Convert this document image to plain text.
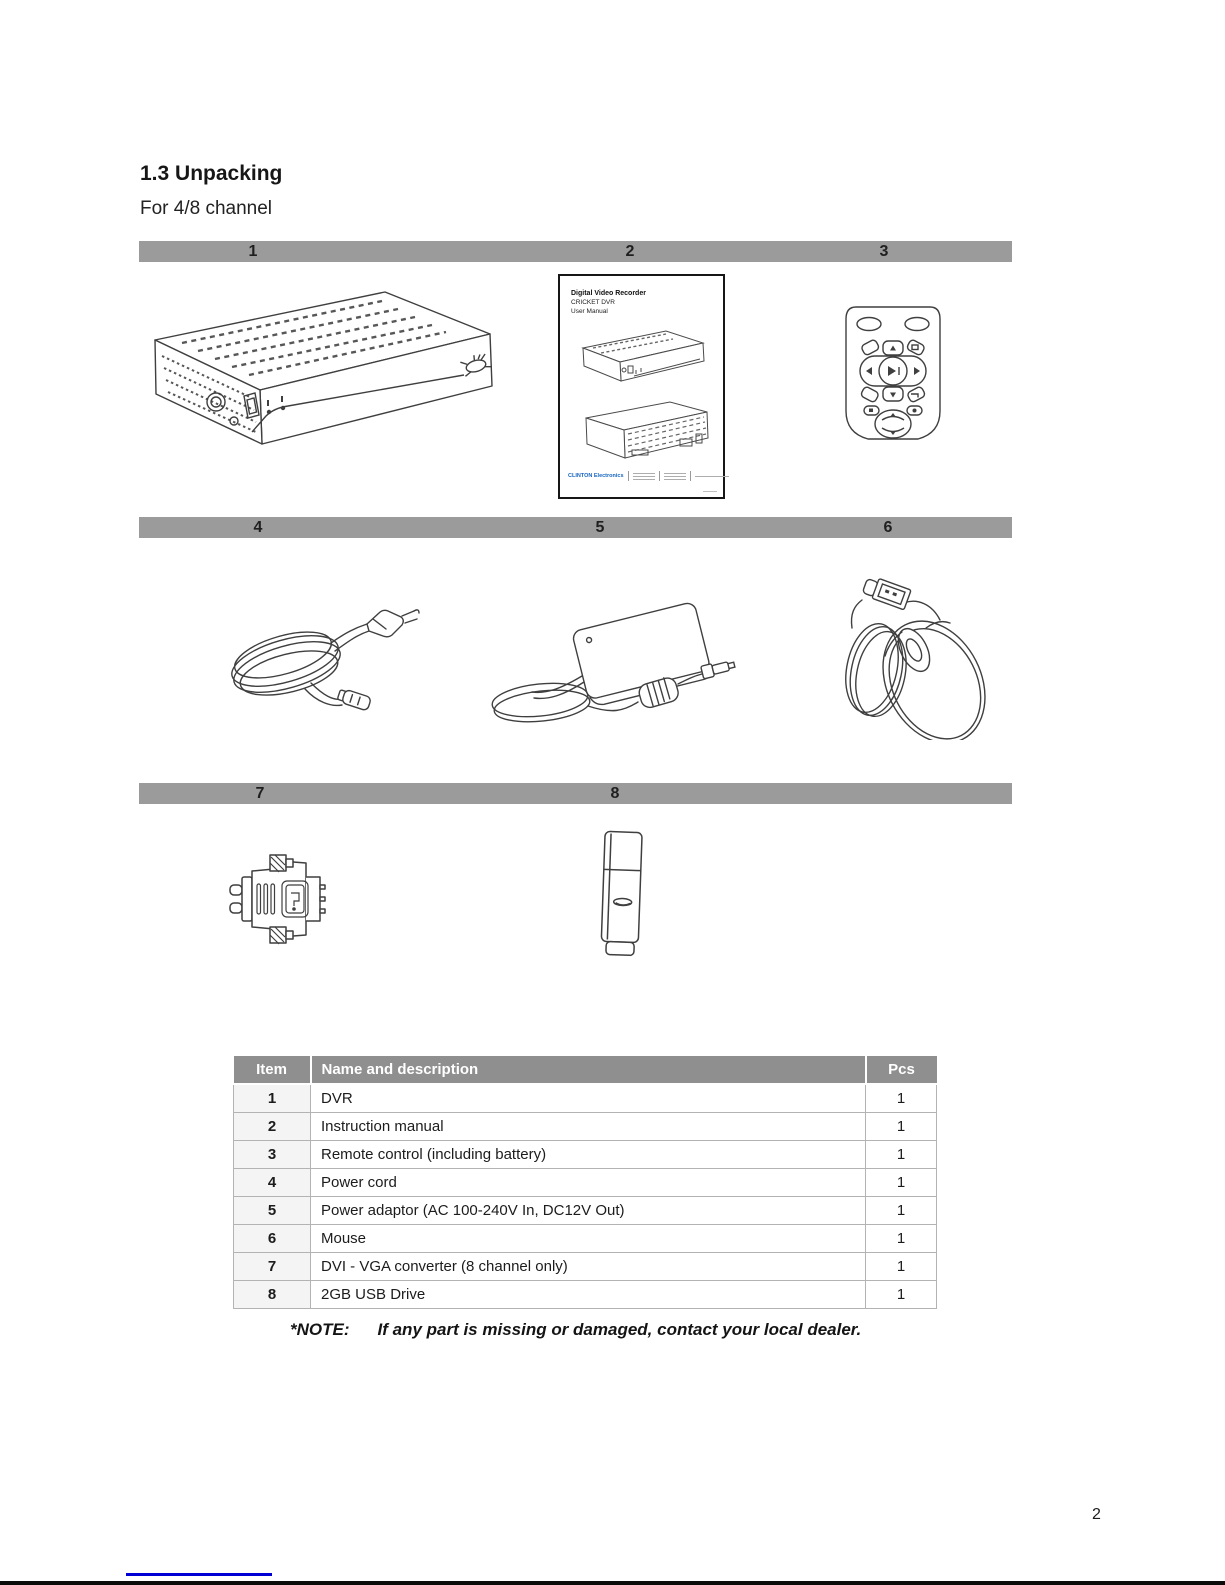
1.3 Unpacking
For 4/8 channel
1	2	3
Digital Video Recorder
CRICKET DVR
User Manual
CLINTON Electronics
4	5	6
7	8
Item	Name and description	Pcs
1	DVR	1
2	Instruction manual	1
3	Remote control (including battery)	1
4	Power cord	1
5	Power adaptor (AC 100-240V In, DC12V Out)	1
6	Mouse	1
7	DVI - VGA converter (8 channel only)	1
8	2GB USB Drive	1
*NOTE: If any part is missing or damaged, contact your local dealer.
2
